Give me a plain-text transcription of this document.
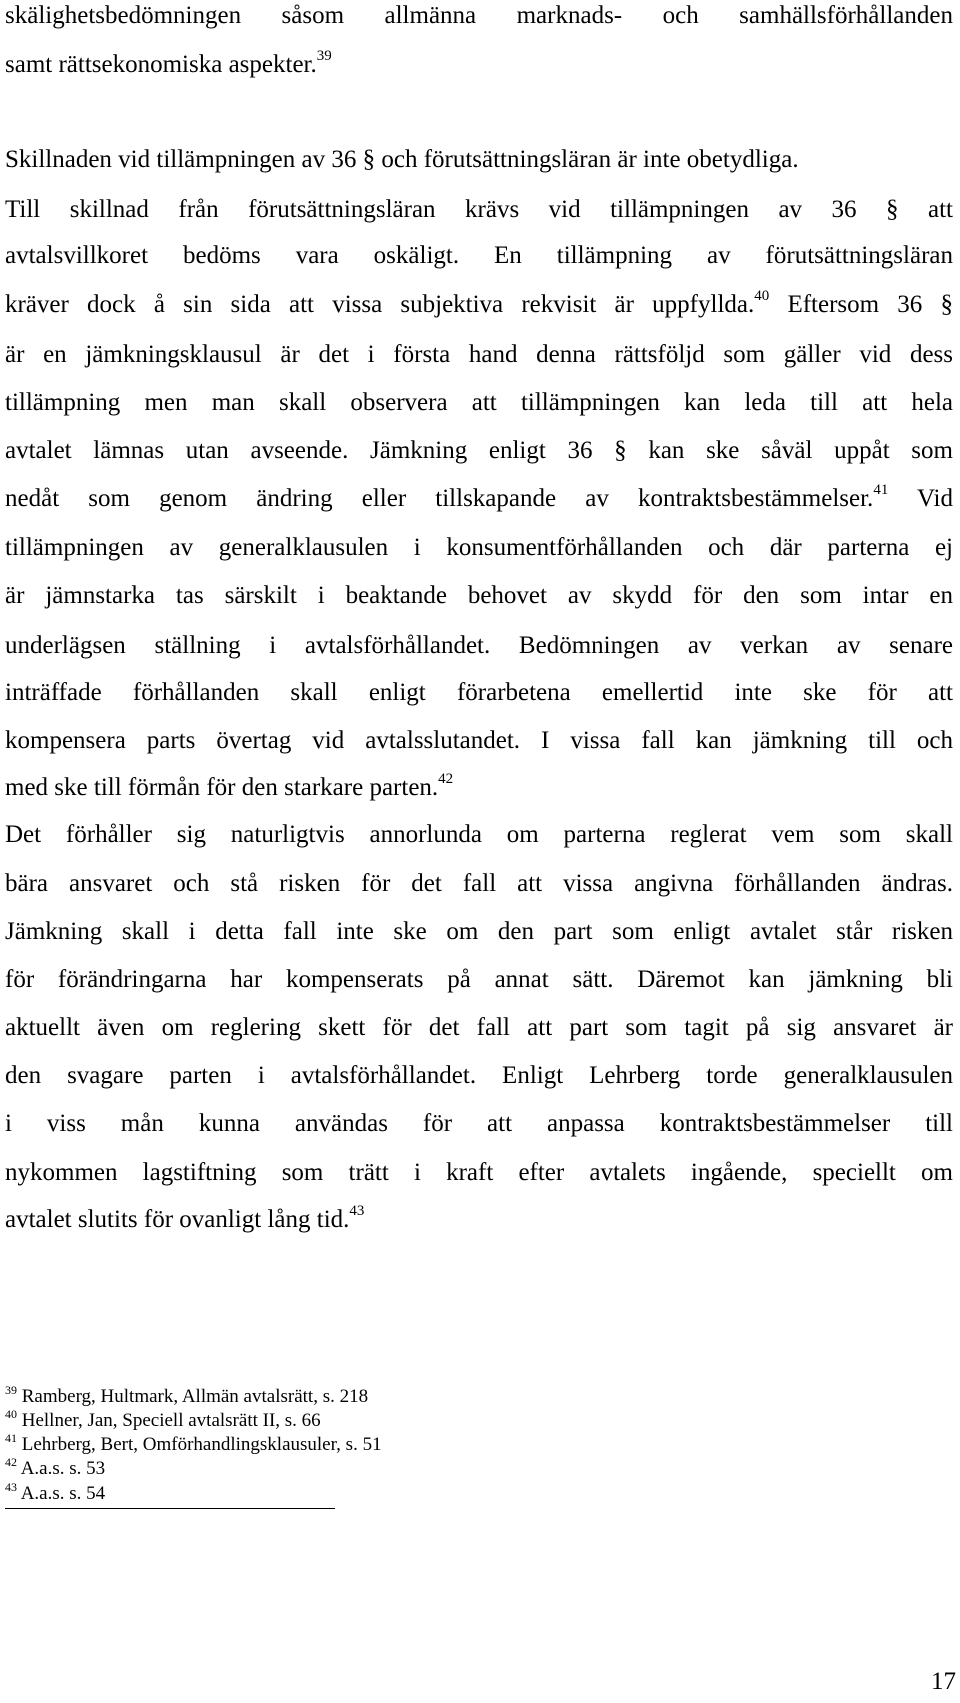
skälighetsbedömningen såsom allmänna marknads- och samhällsförhållanden
samt rättsekonomiska aspekter.$^{39}$
Skillnaden vid tillämpningen av 36 § och förutsättningsläran är inte obetydliga.
Till skillnad från förutsättningsläran krävs vid tillämpningen av 36 § att
avtalsvillkoret bedöms vara oskäligt. En tillämpning av förutsättningsläran
kräver dock å sin sida att vissa subjektiva rekvisit är uppfyllda.$^{40}$ Eftersom 36 §
är en jämkningsklausul är det i första hand denna rättsföljd som gäller vid dess
tillämpning men man skall observera att tillämpningen kan leda till att hela
avtalet lämnas utan avseende. Jämkning enligt 36 § kan ske såväl uppåt som
nedåt som genom ändring eller tillskapande av kontraktsbestämmelser.$^{41}$ Vid
tillämpningen av generalklausulen i konsumentförhållanden och där parterna ej
är jämnstarka tas särskilt i beaktande behovet av skydd för den som intar en
underlägsen ställning i avtalsförhållandet. Bedömningen av verkan av senare
inträffade förhållanden skall enligt förarbetena emellertid inte ske för att
kompensera parts övertag vid avtalsslutandet. I vissa fall kan jämkning till och
med ske till förmån för den starkare parten.$^{42}$
Det förhåller sig naturligtvis annorlunda om parterna reglerat vem som skall
bära ansvaret och stå risken för det fall att vissa angivna förhållanden ändras.
Jämkning skall i detta fall inte ske om den part som enligt avtalet står risken
för förändringarna har kompenserats på annat sätt. Däremot kan jämkning bli
aktuellt även om reglering skett för det fall att part som tagit på sig ansvaret är
den svagare parten i avtalsförhållandet. Enligt Lehrberg torde generalklausulen
i viss mån kunna användas för att anpassa kontraktsbestämmelser till
nykommen lagstiftning som trätt i kraft efter avtalets ingående, speciellt om
avtalet slutits för ovanligt lång tid.$^{43}$
$^{39}$ Ramberg, Hultmark, Allmän avtalsrätt, s. 218
$^{40}$ Hellner, Jan, Speciell avtalsrätt II, s. 66
$^{41}$ Lehrberg, Bert, Omförhandlingsklausuler, s. 51
$^{42}$ A.a.s. s. 53
$^{43}$ A.a.s. s. 54
17
